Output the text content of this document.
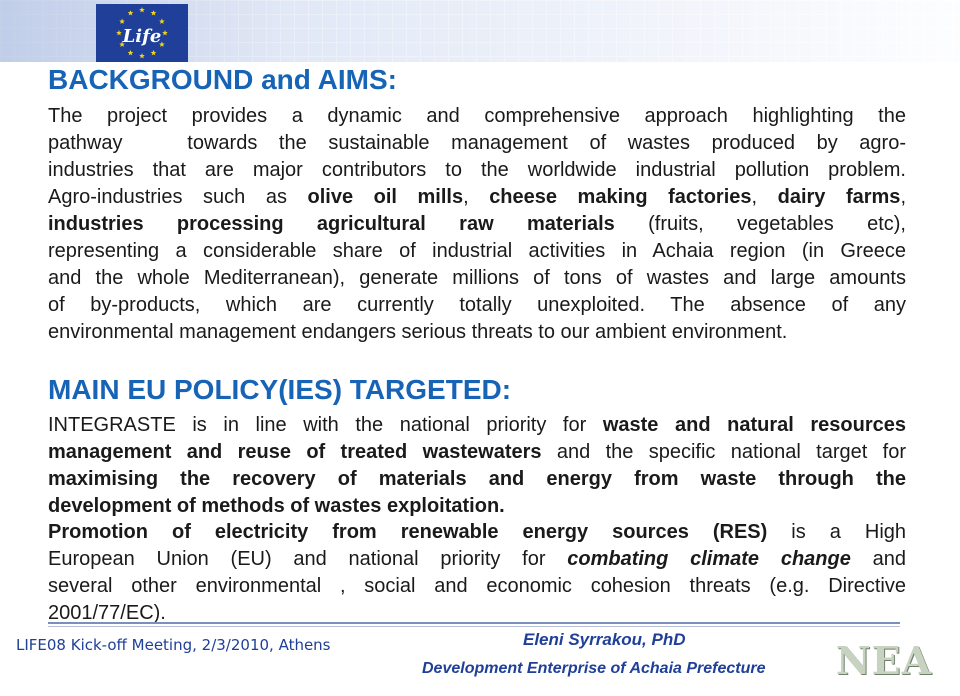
Life
BACKGROUND and AIMS:
The project provides a dynamic and comprehensive approach highlighting the
pathway   towards the sustainable management of wastes produced by agro-
industries that are major contributors to the worldwide industrial pollution problem.
Agro-industries such as olive oil mills, cheese making factories, dairy farms,
industries processing agricultural raw materials (fruits, vegetables etc),
representing a considerable share of industrial activities in Achaia region (in Greece
and the whole Mediterranean), generate millions of tons of wastes and large amounts
of by-products, which are currently totally unexploited. The absence of any
environmental management endangers serious threats to our ambient environment.
MAIN EU POLICY(IES) TARGETED:
INTEGRASTE is in line with the national priority for waste and natural resources
management and reuse of treated wastewaters and the specific national target for
maximising the recovery of materials and energy from waste through the
development of methods of wastes exploitation.
Promotion of electricity from renewable energy sources (RES) is a High
European Union (EU) and national priority for combating climate change and
several other environmental , social and economic cohesion threats (e.g. Directive
2001/77/EC).

LIFE08 Kick-off Meeting, 2/3/2010, Athens	Eleni Syrrakou, PhD

Development Enterprise of Achaia Prefecture NEA
